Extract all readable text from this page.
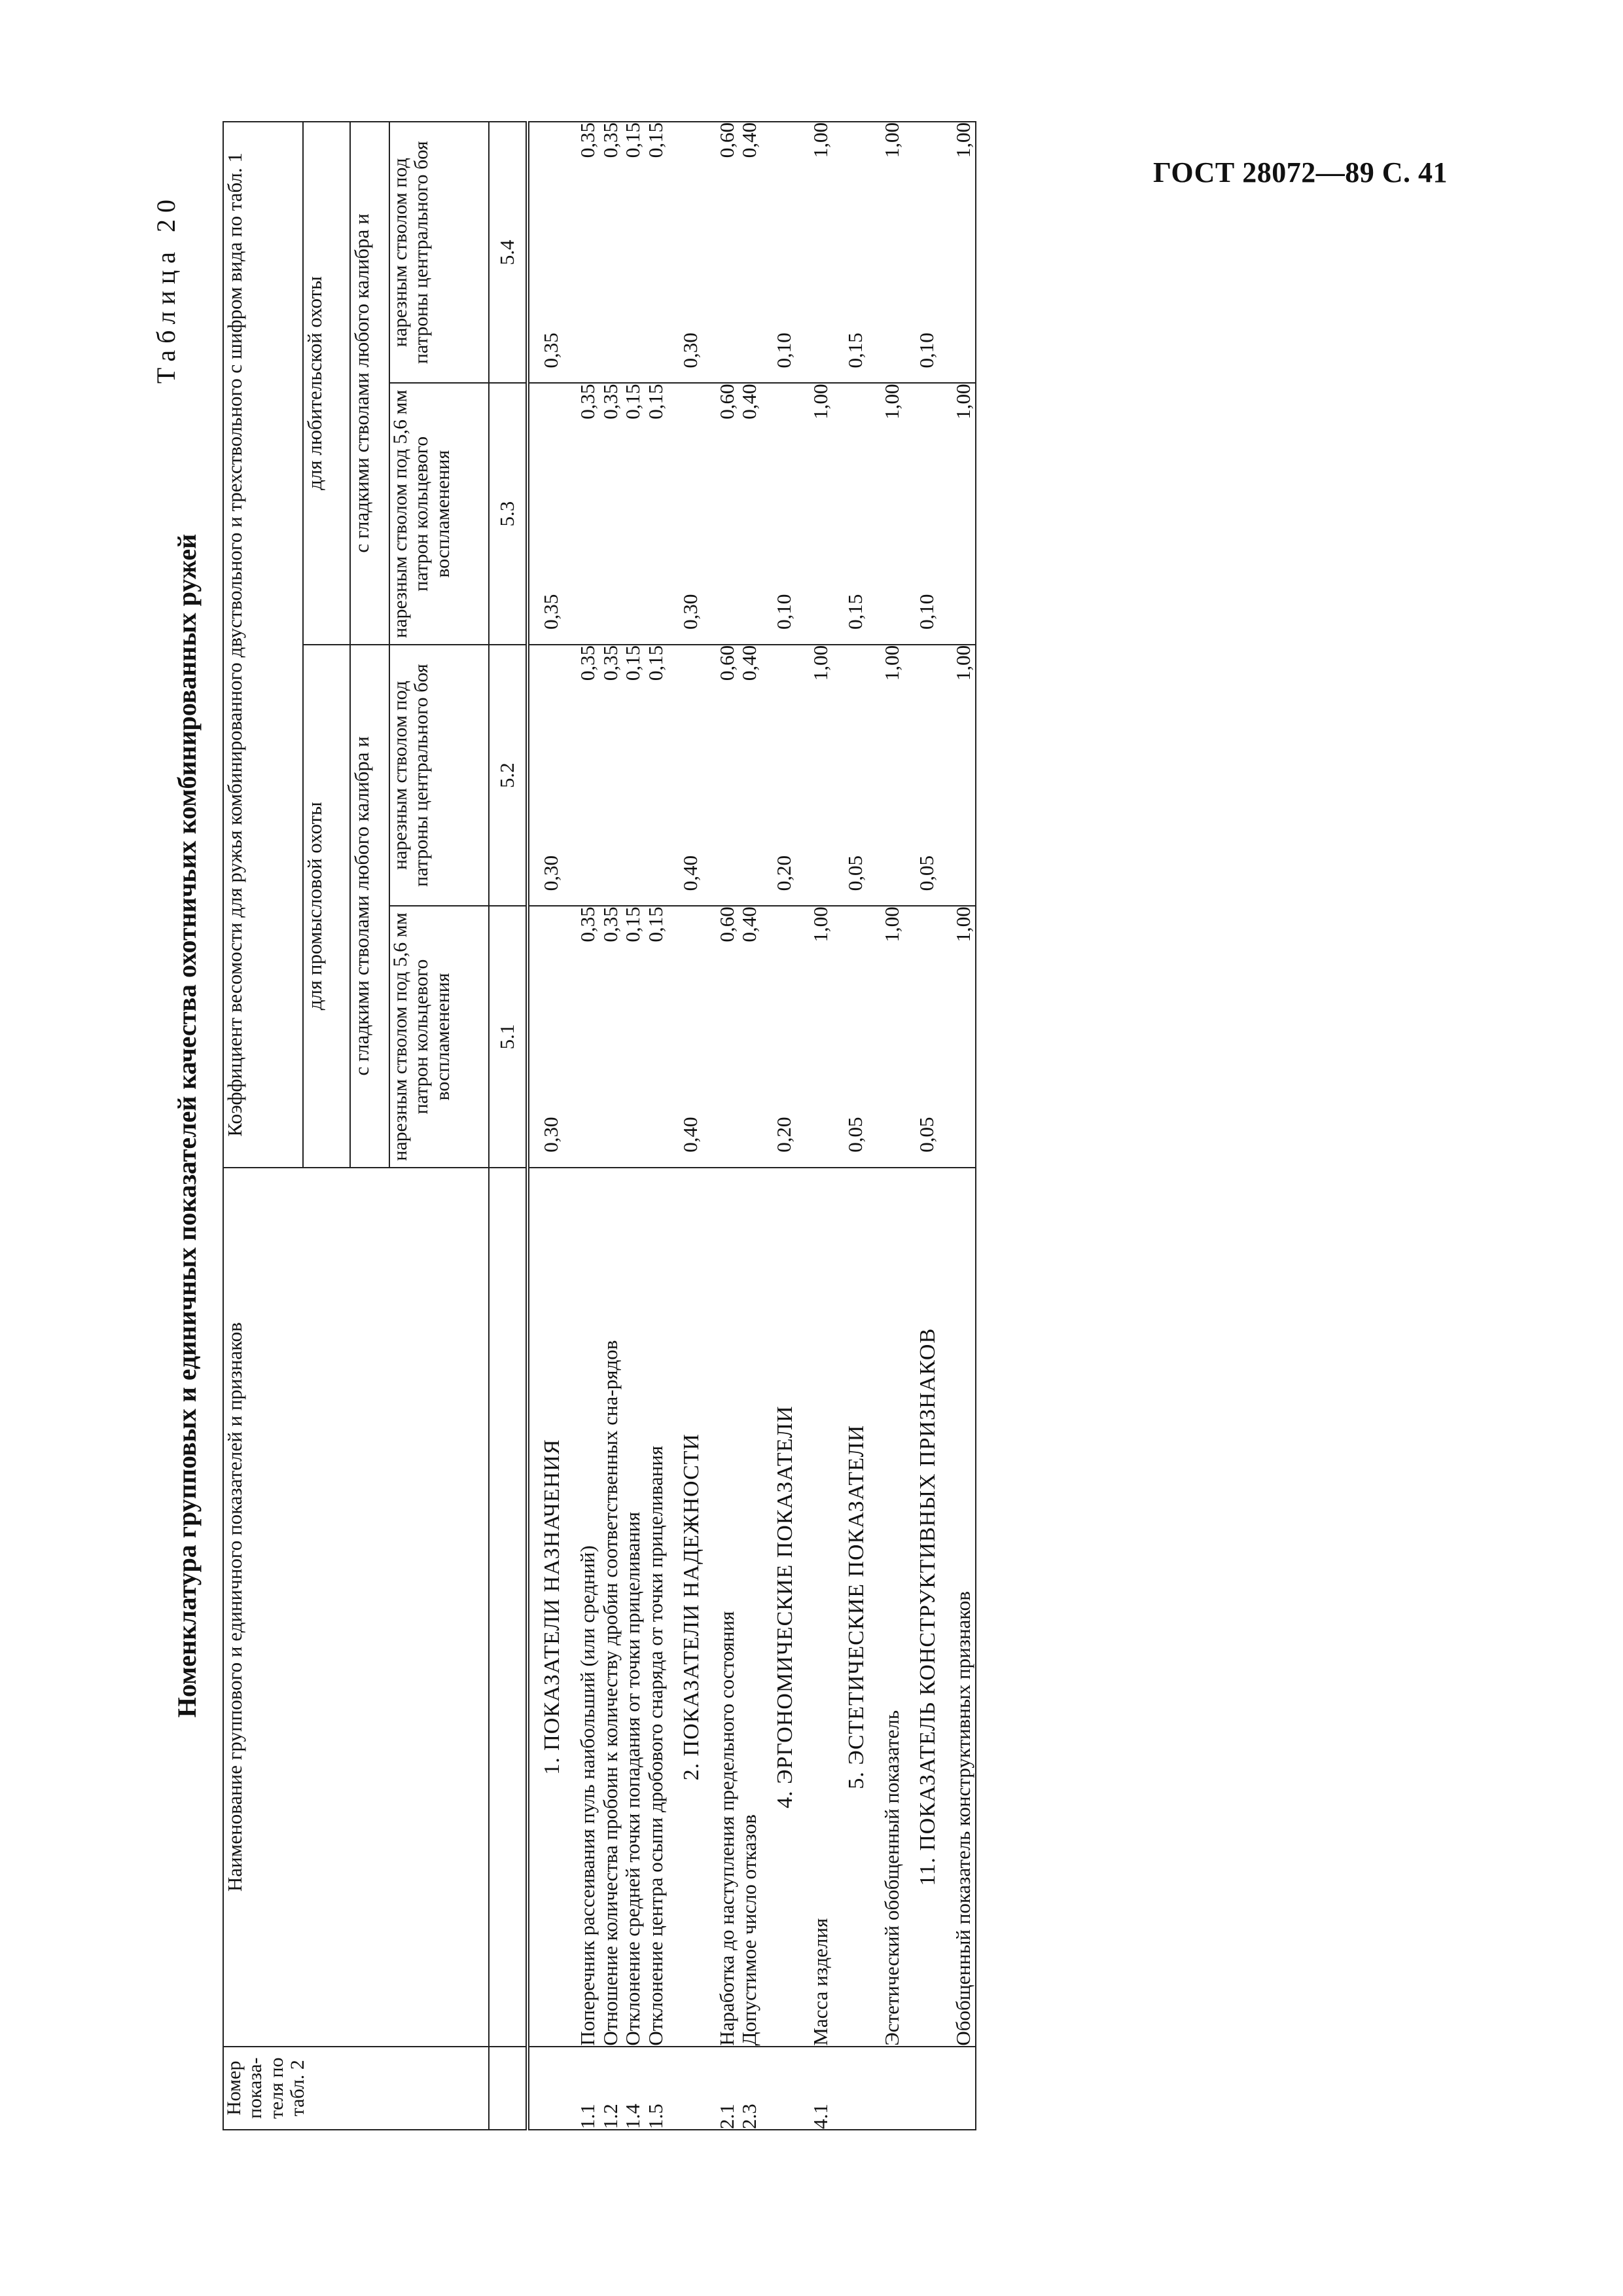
ГОСТ 28072—89 С. 41
Таблица 20
Номенклатура групповых и единичных показателей качества охотничьих комбинированных ружей
Номер показа-теля по табл. 2	Наименование группового и единичного показателей и признаков	Коэффициент весомости для ружья комбинированного двуствольного и трехствольного с шифром вида по табл. 1			
		для промысловой охоты		для любительской охоты	
		с гладкими стволами любого калибра и		с гладкими стволами любого калибра и	
		нарезным стволом под 5,6 мм патрон кольцевого воспламенения	нарезным стволом под патроны центрального боя	нарезным стволом под 5,6 мм патрон кольцевого воспламенения	нарезным стволом под патроны центрального боя
		5.1	5.2	5.3	5.4
	1. ПОКАЗАТЕЛИ НАЗНАЧЕНИЯ	0,30	0,30	0,35	0,35
1.1	Поперечник рассеивания пуль наибольший (или средний)	0,35	0,35	0,35	0,35
1.2	Отношение количества пробоин к количеству дробин соответственных сна-рядов	0,35	0,35	0,35	0,35
1.4	Отклонение средней точки попадания от точки прицеливания	0,15	0,15	0,15	0,15
1.5	Отклонение центра осыпи дробового снаряда от точки прицеливания	0,15	0,15	0,15	0,15
	2. ПОКАЗАТЕЛИ НАДЕЖНОСТИ	0,40	0,40	0,30	0,30
2.1	Наработка до наступления предельного состояния	0,60	0,60	0,60	0,60
2.3	Допустимое число отказов	0,40	0,40	0,40	0,40
	4. ЭРГОНОМИЧЕСКИЕ ПОКАЗАТЕЛИ	0,20	0,20	0,10	0,10
4.1	Масса изделия	1,00	1,00	1,00	1,00
	5. ЭСТЕТИЧЕСКИЕ ПОКАЗАТЕЛИ	0,05	0,05	0,15	0,15
	Эстетический обобщенный показатель	1,00	1,00	1,00	1,00
	11. ПОКАЗАТЕЛЬ КОНСТРУКТИВНЫХ ПРИЗНАКОВ	0,05	0,05	0,10	0,10
	Обобщенный показатель конструктивных признаков	1,00	1,00	1,00	1,00
